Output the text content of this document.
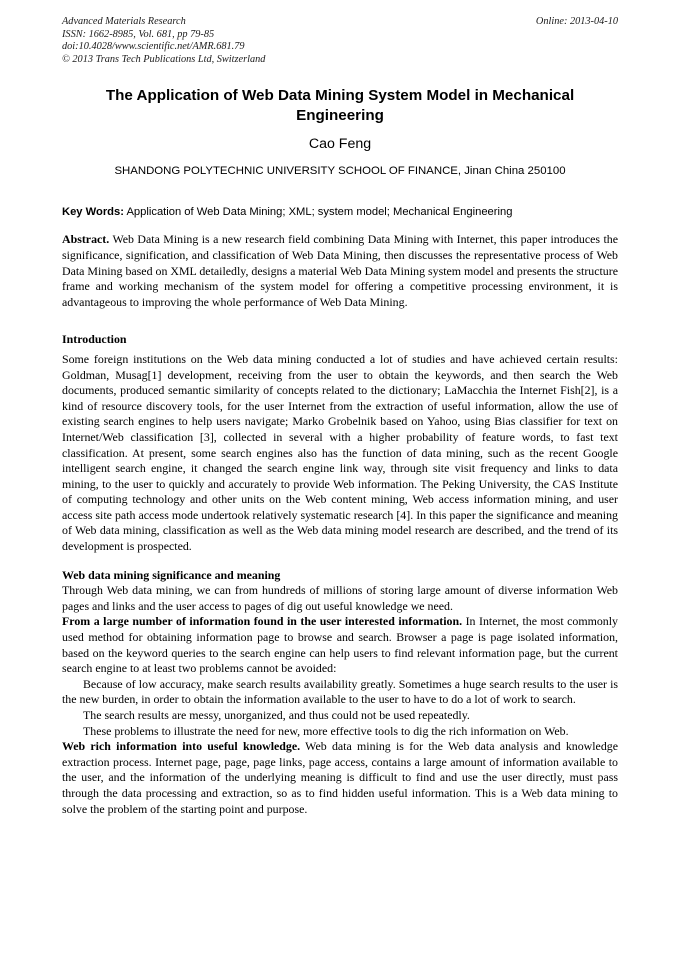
Online: 2013-04-10
Advanced Materials Research
ISSN: 1662-8985, Vol. 681, pp 79-85
doi:10.4028/www.scientific.net/AMR.681.79
© 2013 Trans Tech Publications Ltd, Switzerland
The Application of Web Data Mining System Model in Mechanical Engineering
Cao Feng
SHANDONG POLYTECHNIC UNIVERSITY SCHOOL OF FINANCE, Jinan China 250100
Key Words: Application of Web Data Mining; XML; system model; Mechanical Engineering
Abstract. Web Data Mining is a new research field combining Data Mining with Internet, this paper introduces the significance, signification, and classification of Web Data Mining, then discusses the representative process of Web Data Mining based on XML detailedly, designs a material Web Data Mining system model and presents the structure frame and working mechanism of the system model for offering a competitive processing environment, it is advantageous to improving the whole performance of Web Data Mining.
Introduction
Some foreign institutions on the Web data mining conducted a lot of studies and have achieved certain results: Goldman, Musag[1] development, receiving from the user to obtain the keywords, and then search the Web documents, produced semantic similarity of concepts related to the dictionary; LaMacchia the Internet Fish[2], is a kind of resource discovery tools, for the user Internet from the extraction of useful information, allow the use of existing search engines to help users navigate; Marko Grobelnik based on Yahoo, using Bias classifier for text on Internet/Web classification [3], collected in several with a higher probability of feature words, to fast text classification. At present, some search engines also has the function of data mining, such as the recent Google intelligent search engine, it changed the search engine link way, through site visit frequency and links to data mining, to the user to quickly and accurately to provide Web information. The Peking University, the CAS Institute of computing technology and other units on the Web content mining, Web access information mining, and user access site path access mode undertook relatively systematic research [4]. In this paper the significance and meaning of Web data mining, classification as well as the Web data mining model research are described, and the trend of its development is prospected.
Web data mining significance and meaning
Through Web data mining, we can from hundreds of millions of storing large amount of diverse information Web pages and links and the user access to pages of dig out useful knowledge we need.
From a large number of information found in the user interested information. In Internet, the most commonly used method for obtaining information page to browse and search. Browser a page is page isolated information, based on the keyword queries to the search engine can help users to find relevant information page, but the current search engine to at least two problems cannot be avoided:
Because of low accuracy, make search results availability greatly. Sometimes a huge search results to the user is the new burden, in order to obtain the information available to the user to have to do a lot of work to search.
The search results are messy, unorganized, and thus could not be used repeatedly.
These problems to illustrate the need for new, more effective tools to dig the rich information on Web.
Web rich information into useful knowledge. Web data mining is for the Web data analysis and knowledge extraction process. Internet page, page, page links, page access, contains a large amount of information available to the user, and the information of the underlying meaning is difficult to find and use the user directly, must pass through the data processing and extraction, so as to find hidden useful information. This is a Web data mining to solve the problem of the starting point and purpose.
